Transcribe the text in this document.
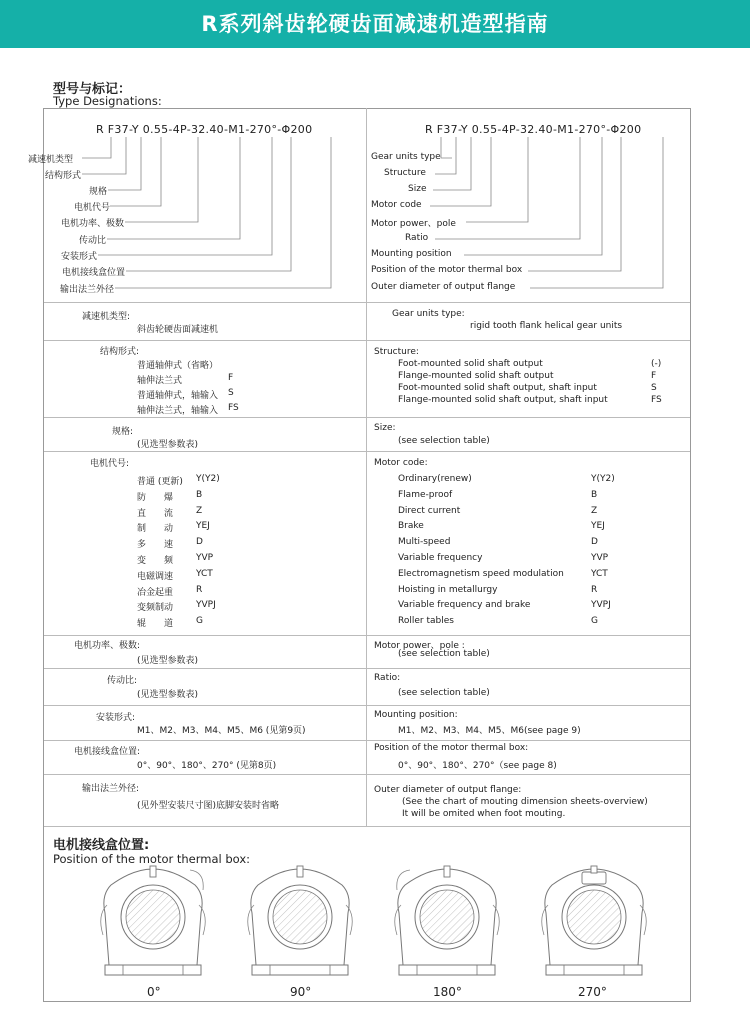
R系列斜齿轮硬齿面减速机造型指南
型号与标记：
Type Designations:
R F37-Y 0.55-4P-32.40-M1-270°-Φ200	R F37-Y 0.55-4P-32.40-M1-270°-Φ200
减速机类型
结构形式
规格
电机代号
电机功率、极数
传动比
安装形式
电机接线盒位置
输出法兰外径
Gear units type
Structure
Size
Motor code
Motor power、pole
Ratio
Mounting position
Position of the motor thermal box
Outer diameter of output flange
减速机类型:
斜齿轮硬齿面减速机
Gear units type:
rigid tooth flank helical gear units
结构形式:
普通轴伸式（省略）
轴伸法兰式	F
普通轴伸式，轴输入 S
轴伸法兰式，轴输入 FS
Structure:
Foot-mounted solid shaft output	(-)
Flange-mounted solid shaft output	F
Foot-mounted solid shaft output, shaft input	S
Flange-mounted solid shaft output, shaft input	FS
规格:
(见选型参数表)
Size:
(see selection table)
电机代号:	Motor code:
普通 (更新) Y(Y2)
防　　爆	B
直　　流	Z
制　　动	YEJ
多　　速	D
变　　频	YVP
电磁调速	YCT
冶金起重	R
变频制动	YVPJ
辊　　道	G
Ordinary(renew)	Y(Y2)
Flame-proof	B
Direct current	Z
Brake	YEJ
Multi-speed	D
Variable frequency	YVP
Electromagnetism speed modulation	YCT
Hoisting in metallurgy	R
Variable frequency and brake	YVPJ
Roller tables	G
电机功率、极数:
(见选型参数表)
Motor power、pole :
(see selection table)
传动比:
(见选型参数表)
Ratio:
(see selection table)
安装形式:
M1、M2、M3、M4、M5、M6 (见第9页)
Mounting position:
M1、M2、M3、M4、M5、M6(see page 9)
电机接线盒位置:
0°、90°、180°、270° (见第8页)
Position of the motor thermal box:
0°、90°、180°、270°（see page 8)
输出法兰外径:
(见外型安装尺寸图)底脚安装时省略
Outer diameter of output flange:
(See the chart of mouting dimension sheets-overview)
It will be omited when foot mouting.
电机接线盒位置:
Position of the motor thermal box:
0°	90°	180°	270°
